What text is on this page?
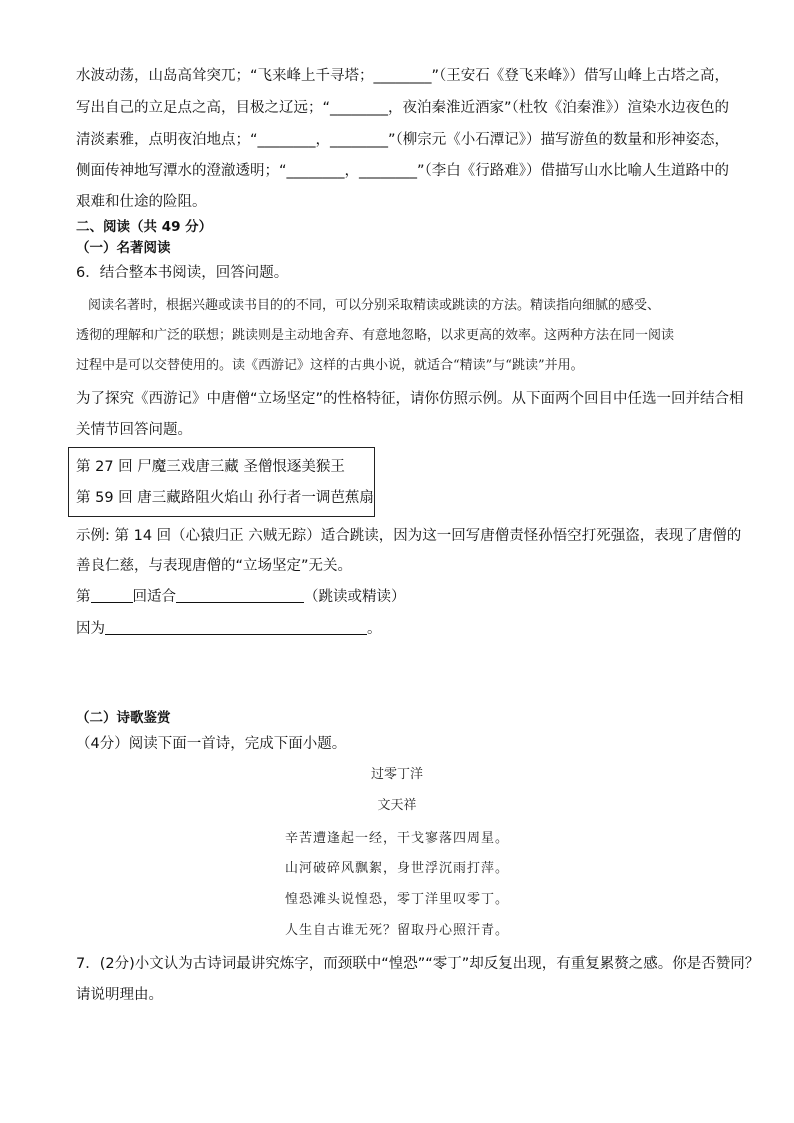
水波动荡，山岛高耸突兀；“飞来峰上千寻塔；________”（王安石《登飞来峰》）借写山峰上古塔之高，
写出自己的立足点之高，目极之辽远；“________，夜泊秦淮近酒家”（杜牧《泊秦淮》）渲染水边夜色的
清淡素雅，点明夜泊地点；“________，________”（柳宗元《小石潭记》）描写游鱼的数量和形神姿态，
侧面传神地写潭水的澄澈透明；“________，________”（李白《行路难》）借描写山水比喻人生道路中的
艰难和仕途的险阻。
二、阅读（共 49 分）
（一）名著阅读
6．结合整本书阅读，回答问题。
阅读名著时，根据兴趣或读书目的的不同，可以分别采取精读或跳读的方法。精读指向细腻的感受、
透彻的理解和广泛的联想；跳读则是主动地舍弃、有意地忽略，以求更高的效率。这两种方法在同一阅读
过程中是可以交替使用的。读《西游记》这样的古典小说，就适合“精读”与“跳读”并用。
为了探究《西游记》中唐僧“立场坚定”的性格特征，请你仿照示例。从下面两个回目中任选一回并结合相
关情节回答问题。
第 27 回 尸魔三戏唐三藏 圣僧恨逐美猴王
第 59 回 唐三藏路阻火焰山 孙行者一调芭蕉扇
示例: 第 14 回（心猿归正 六贼无踪）适合跳读，因为这一回写唐僧责怪孙悟空打死强盗，表现了唐僧的
善良仁慈，与表现唐僧的“立场坚定”无关。
第	回适合	（跳读或精读）
因为	。
（二）诗歌鉴赏
（4分）阅读下面一首诗，完成下面小题。
过零丁洋
文天祥
辛苦遭逢起一经，干戈寥落四周星。
山河破碎风飘絮，身世浮沉雨打萍。
惶恐滩头说惶恐，零丁洋里叹零丁。
人生自古谁无死？留取丹心照汗青。
7．(2分)小文认为古诗词最讲究炼字，而颈联中“惶恐”“零丁”却反复出现，有重复累赘之感。你是否赞同？
请说明理由。
